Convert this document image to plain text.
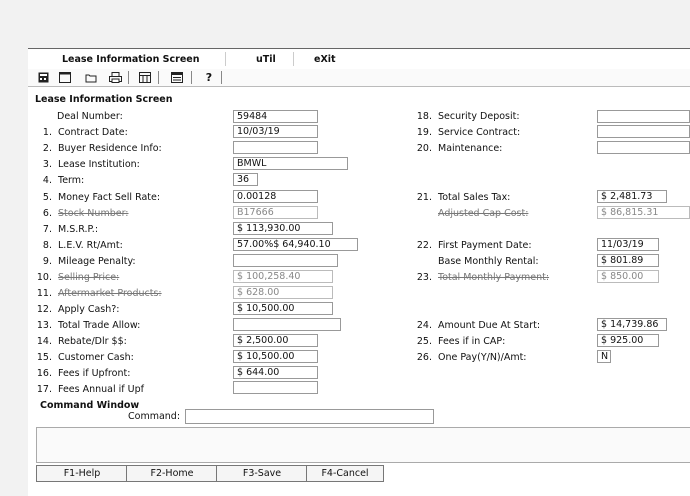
Lease Information Screen	uTil	eXit
?
Lease Information Screen
Deal Number:	59484
1. Contract Date:	10/03/19
2. Buyer Residence Info:
3. Lease Institution:	BMWL
4. Term:	36
5. Money Fact Sell Rate:	0.00128
6. Stock Number:	B17666
7. M.S.R.P.:	$ 113,930.00
8. L.E.V. Rt/Amt:	57.00%$ 64,940.10
9. Mileage Penalty:
10. Selling Price:	$ 100,258.40
11. Aftermarket Products:	$ 628.00
12. Apply Cash?:	$ 10,500.00
13. Total Trade Allow:
14. Rebate/Dlr $$:	$ 2,500.00
15. Customer Cash:	$ 10,500.00
16. Fees if Upfront:	$ 644.00
17. Fees Annual if Upf
18. Security Deposit:
19. Service Contract:
20. Maintenance:
21. Total Sales Tax:	$ 2,481.73
Adjusted Cap Cost:	$ 86,815.31
22. First Payment Date:	11/03/19
Base Monthly Rental:	$ 801.89
23. Total Monthly Payment:	$ 850.00
24. Amount Due At Start:	$ 14,739.86
25. Fees if in CAP:	$ 925.00
26. One Pay(Y/N)/Amt:	N
Command Window
Command:
F1-Help	F2-Home	F3-Save	F4-Cancel
